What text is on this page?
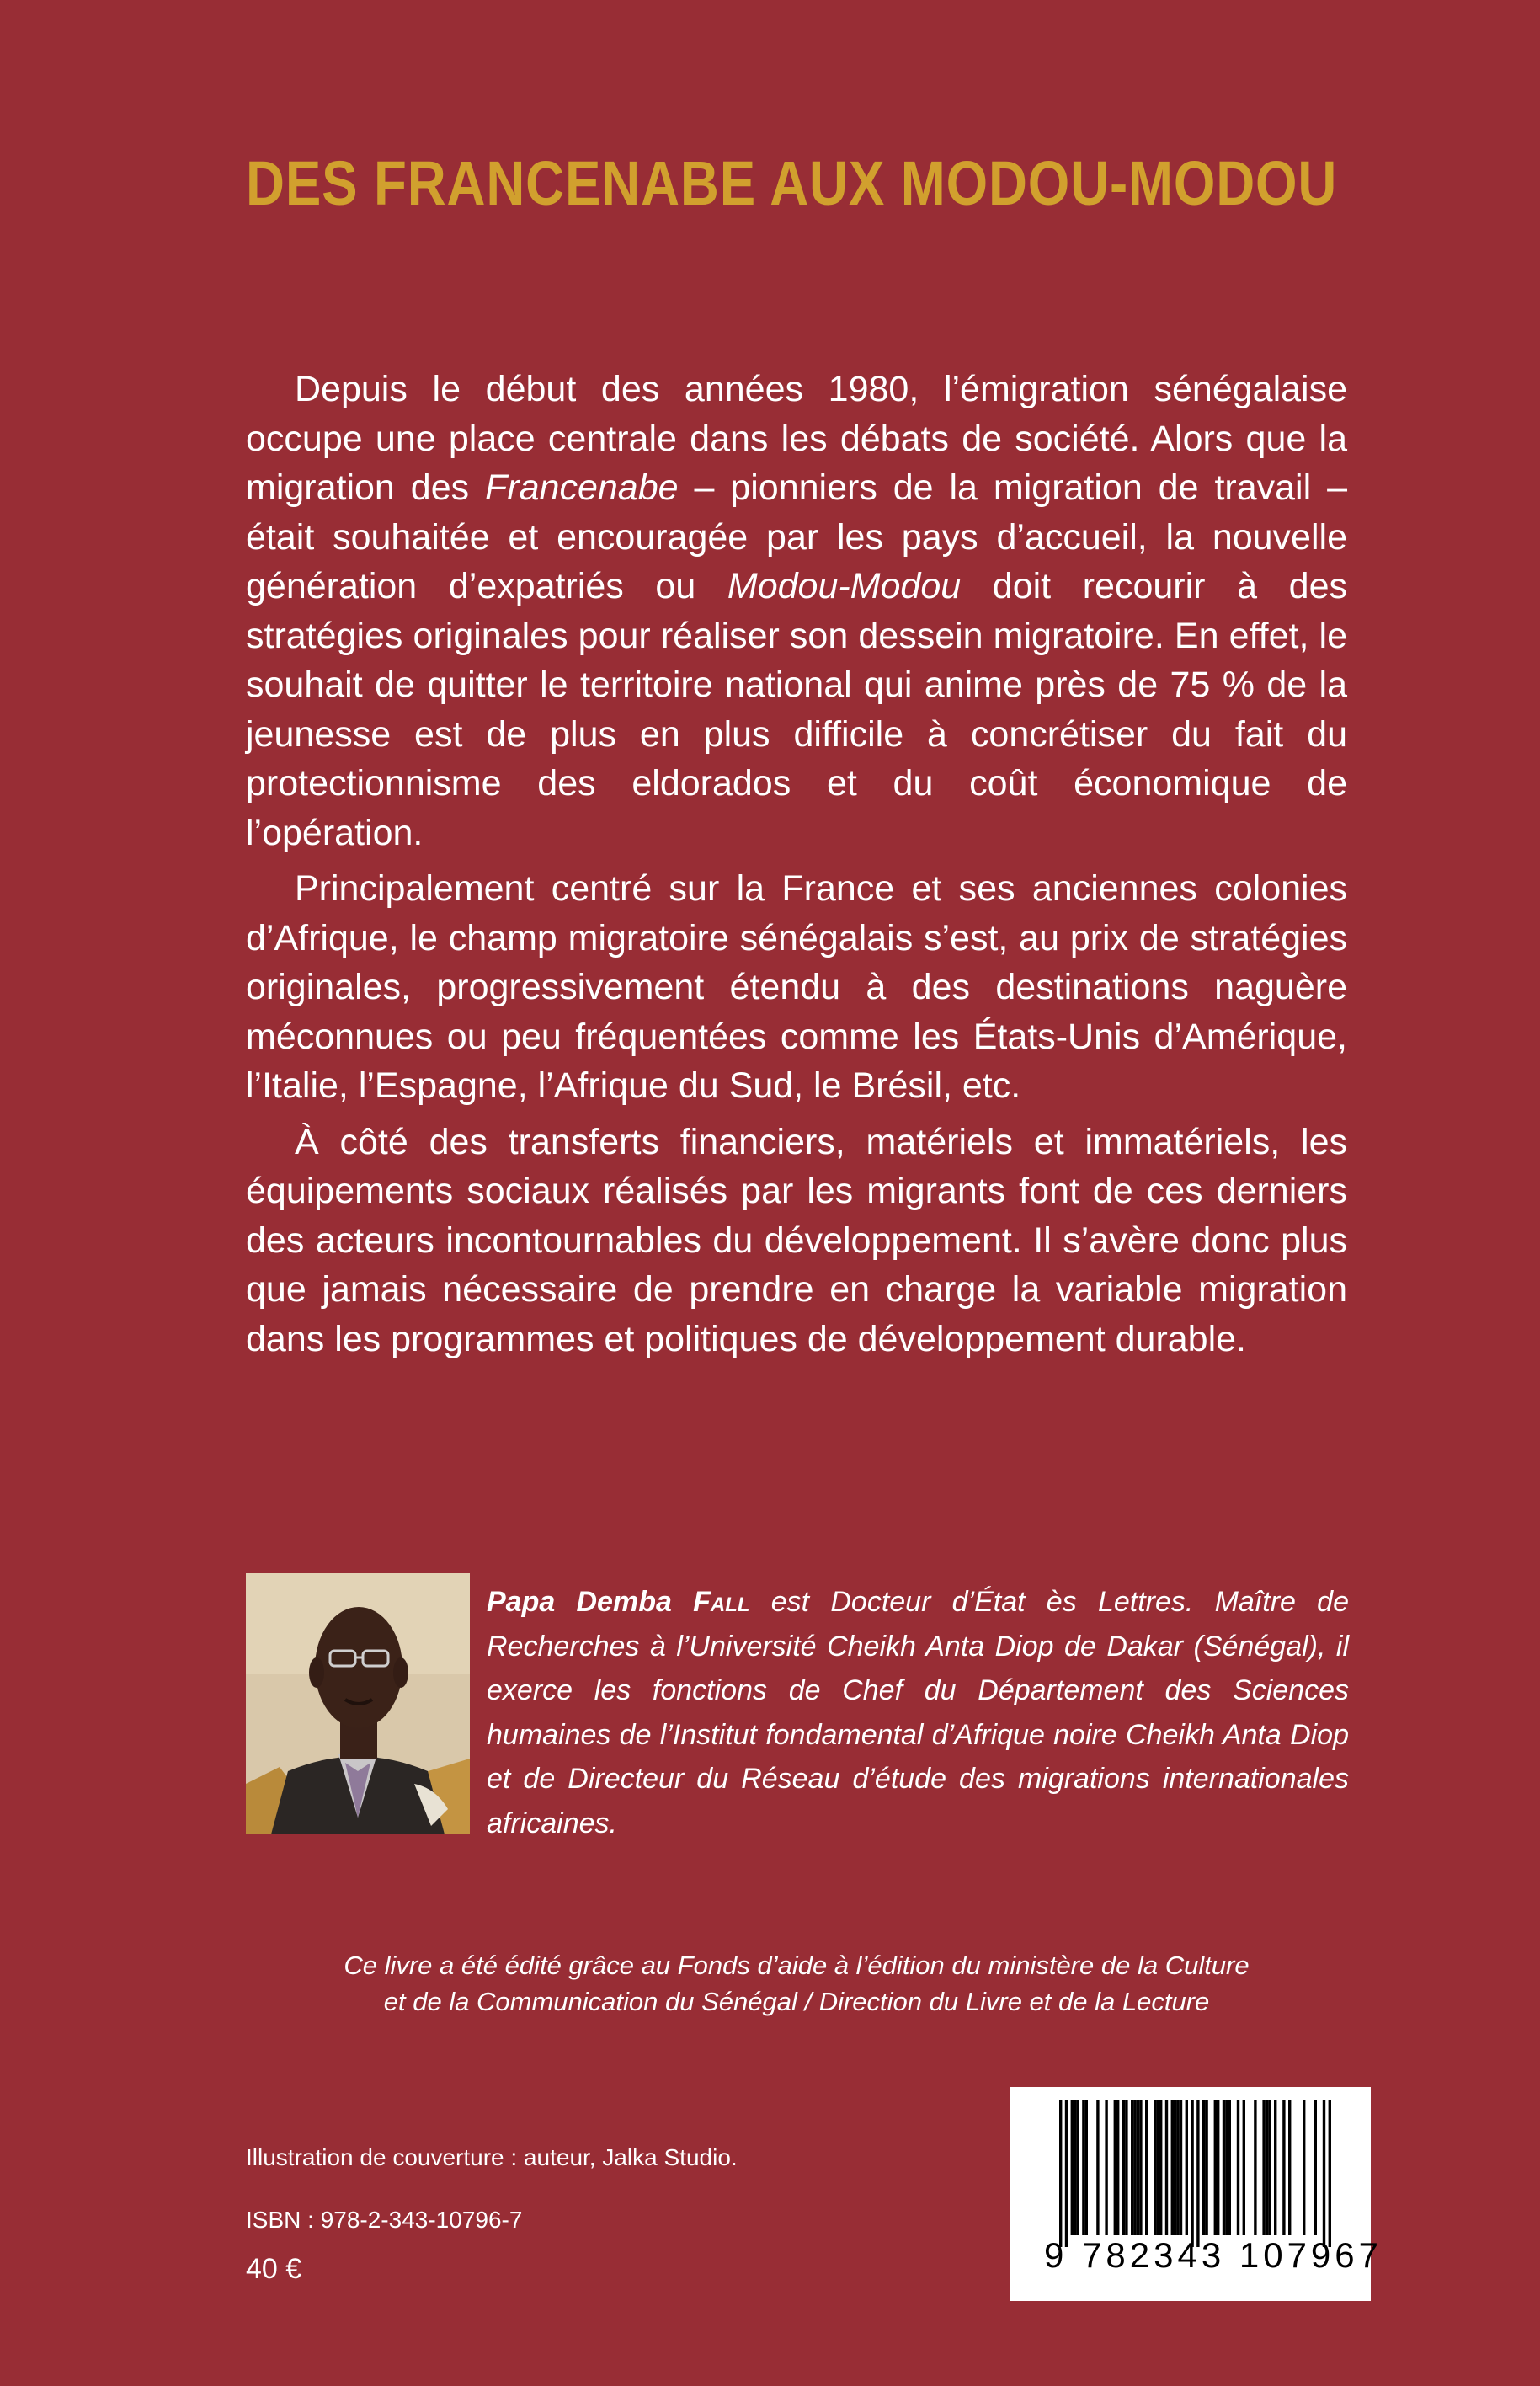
DES FRANCENABE AUX MODOU-MODOU

Depuis le début des années 1980, l’émigration sénégalaise occupe une place centrale dans les débats de société. Alors que la migration des Francenabe – pionniers de la migration de travail – était souhaitée et encouragée par les pays d’accueil, la nouvelle génération d’expatriés ou Modou-Modou doit recourir à des stratégies originales pour réaliser son dessein migratoire. En effet, le souhait de quitter le territoire national qui anime près de 75 % de la jeunesse est de plus en plus difficile à concrétiser du fait du protectionnisme des eldorados et du coût économique de l’opération.

Principalement centré sur la France et ses anciennes colonies d’Afrique, le champ migratoire sénégalais s’est, au prix de stratégies originales, progressivement étendu à des destinations naguère méconnues ou peu fréquentées comme les États-Unis d’Amérique, l’Italie, l’Espagne, l’Afrique du Sud, le Brésil, etc.

À côté des transferts financiers, matériels et immatériels, les équipements sociaux réalisés par les migrants font de ces derniers des acteurs incontournables du développement. Il s’avère donc plus que jamais nécessaire de prendre en charge la variable migration dans les programmes et politiques de développement durable.

Papa Demba Fall est Docteur d’État ès Lettres. Maître de Recherches à l’Université Cheikh Anta Diop de Dakar (Sénégal), il exerce les fonctions de Chef du Département des Sciences humaines de l’Institut fondamental d’Afrique noire Cheikh Anta Diop et de Directeur du Réseau d’étude des migrations internationales africaines.

Ce livre a été édité grâce au Fonds d’aide à l’édition du ministère de la Culture
et de la Communication du Sénégal / Direction du Livre et de la Lecture
Illustration de couverture : auteur, Jalka Studio.
ISBN : 978-2-343-10796-7
40 €	9 782343 107967
